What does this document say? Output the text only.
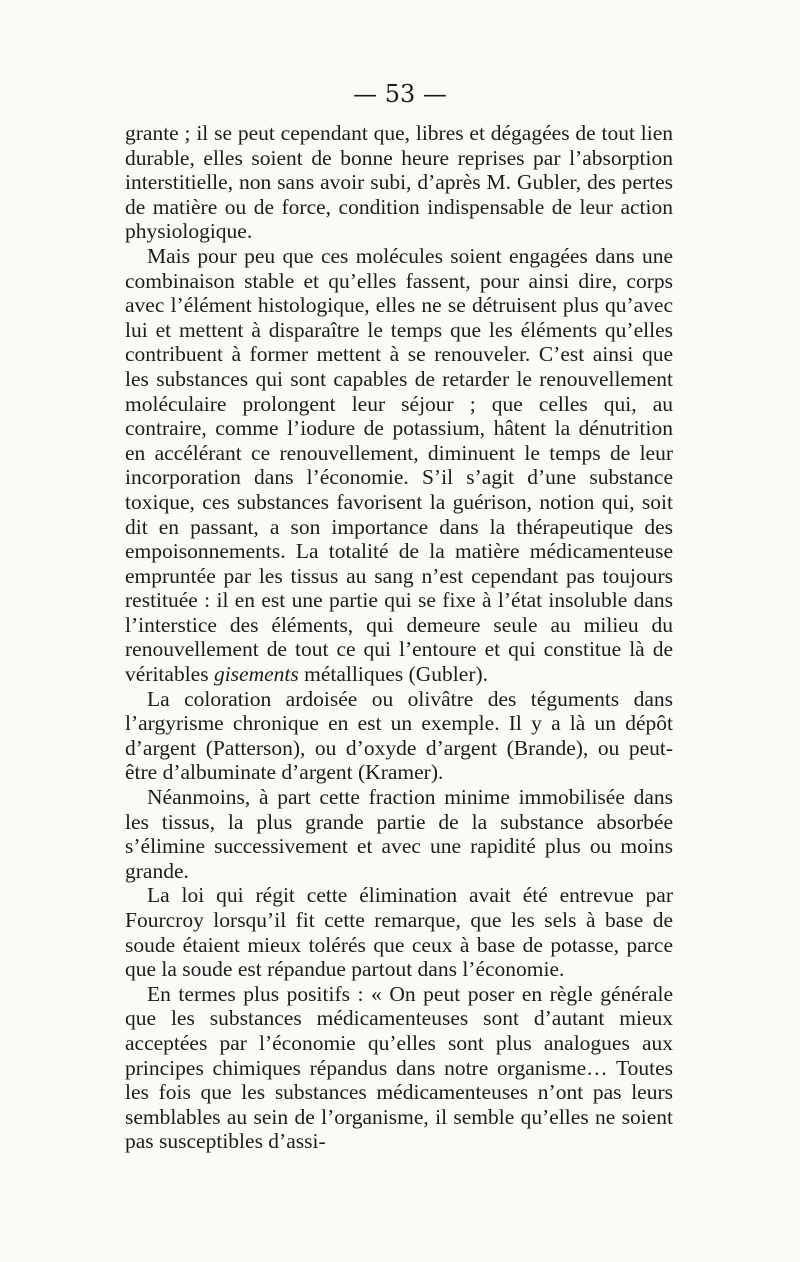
— 53 —

grante ; il se peut cependant que, libres et dégagées de tout lien durable, elles soient de bonne heure reprises par l’absorption interstitielle, non sans avoir subi, d’après M. Gubler, des pertes de matière ou de force, condition indispensable de leur action physiologique.

Mais pour peu que ces molécules soient engagées dans une combinaison stable et qu’elles fassent, pour ainsi dire, corps avec l’élément histologique, elles ne se détruisent plus qu’avec lui et mettent à disparaître le temps que les éléments qu’elles contribuent à former mettent à se renouveler. C’est ainsi que les substances qui sont capables de retarder le renouvellement moléculaire prolongent leur séjour ; que celles qui, au contraire, comme l’iodure de potassium, hâtent la dénutrition en accélérant ce renouvellement, diminuent le temps de leur incorporation dans l’économie. S’il s’agit d’une substance toxique, ces substances favorisent la guérison, notion qui, soit dit en passant, a son importance dans la thérapeutique des empoisonnements. La totalité de la matière médicamenteuse empruntée par les tissus au sang n’est cependant pas toujours restituée : il en est une partie qui se fixe à l’état insoluble dans l’interstice des éléments, qui demeure seule au milieu du renouvellement de tout ce qui l’entoure et qui constitue là de véritables gisements métalliques (Gubler).

La coloration ardoisée ou olivâtre des téguments dans l’argyrisme chronique en est un exemple. Il y a là un dépôt d’argent (Patterson), ou d’oxyde d’argent (Brande), ou peut-être d’albuminate d’argent (Kramer).

Néanmoins, à part cette fraction minime immobilisée dans les tissus, la plus grande partie de la substance absorbée s’élimine successivement et avec une rapidité plus ou moins grande.

La loi qui régit cette élimination avait été entrevue par Fourcroy lorsqu’il fit cette remarque, que les sels à base de soude étaient mieux tolérés que ceux à base de potasse, parce que la soude est répandue partout dans l’économie.

En termes plus positifs : « On peut poser en règle générale que les substances médicamenteuses sont d’autant mieux acceptées par l’économie qu’elles sont plus analogues aux principes chimiques répandus dans notre organisme… Toutes les fois que les substances médicamenteuses n’ont pas leurs semblables au sein de l’organisme, il semble qu’elles ne soient pas susceptibles d’assi-
